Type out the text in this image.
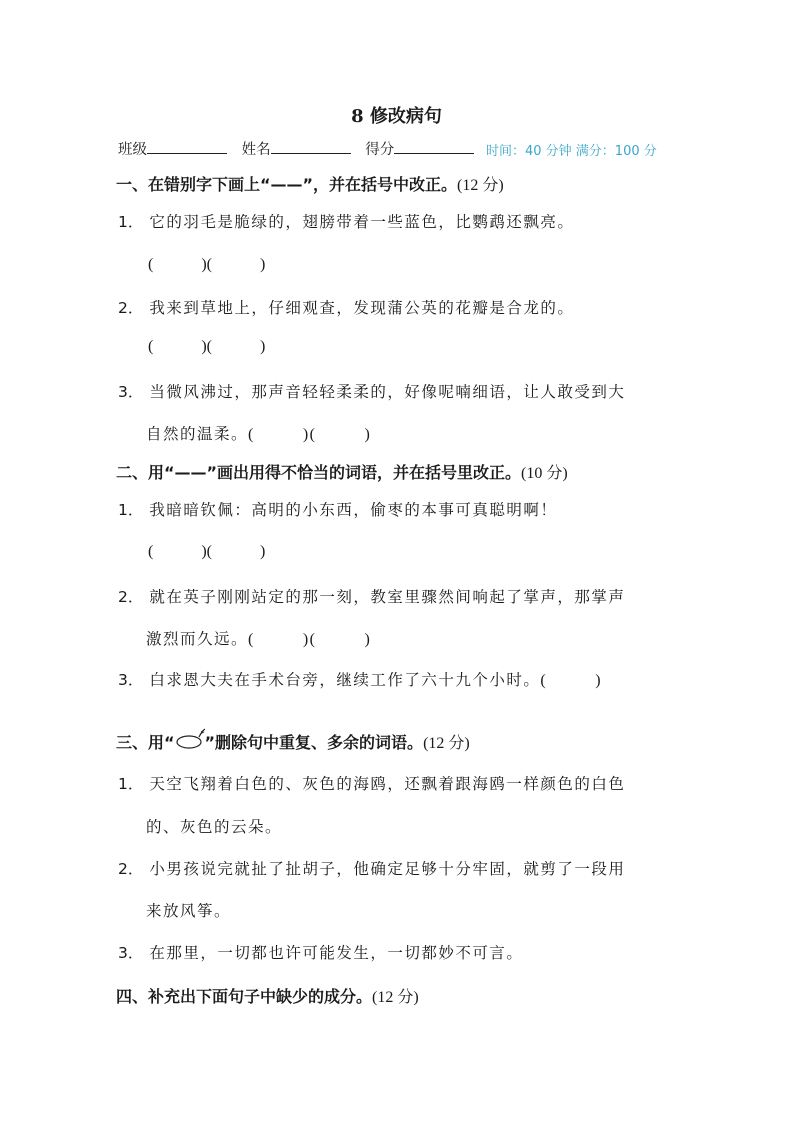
8 修改病句
班级	姓名	得分	时间：40 分钟 满分：100 分
一、在错别字下画上“——”，并在括号中改正。(12 分)
1． 它的羽毛是脆绿的，翅膀带着一些蓝色，比鹦鹉还飘亮。
(	)(	)
2． 我来到草地上，仔细观查，发现蒲公英的花瓣是合龙的。
(	)(	)
3． 当微风沸过，那声音轻轻柔柔的，好像呢喃细语，让人敢受到大
自然的温柔。(	)(	)
二、用“——”画出用得不恰当的词语，并在括号里改正。(10 分)
1． 我暗暗钦佩：高明的小东西，偷枣的本事可真聪明啊！
(	)(	)
2． 就在英子刚刚站定的那一刻，教室里骤然间响起了掌声，那掌声
激烈而久远。(	)(	)
3． 白求恩大夫在手术台旁，继续工作了六十九个小时。(	)
三、用“ ”删除句中重复、多余的词语。(12 分)
1． 天空飞翔着白色的、灰色的海鸥，还飘着跟海鸥一样颜色的白色
的、灰色的云朵。
2． 小男孩说完就扯了扯胡子，他确定足够十分牢固，就剪了一段用
来放风筝。
3． 在那里，一切都也许可能发生，一切都妙不可言。
四、补充出下面句子中缺少的成分。(12 分)
